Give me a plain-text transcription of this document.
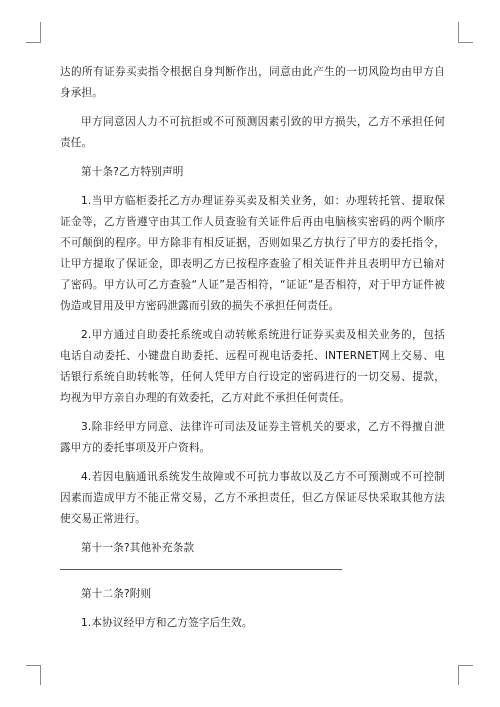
达的所有证券买卖指令根据自身判断作出，同意由此产生的一切风险均由甲方自身承担。

甲方同意因人力不可抗拒或不可预测因素引致的甲方损失，乙方不承担任何责任。

第十条?乙方特别声明

1.当甲方临柜委托乙方办理证券买卖及相关业务，如：办理转托管、提取保证金等，乙方皆遵守由其工作人员查验有关证件后再由电脑核实密码的两个顺序不可颠倒的程序。甲方除非有相反证据，否则如果乙方执行了甲方的委托指令，让甲方提取了保证金，即表明乙方已按程序查验了相关证件并且表明甲方已输对了密码。甲方认可乙方查验“人证”是否相符，“证证”是否相符，对于甲方证件被伪造或冒用及甲方密码泄露而引致的损失不承担任何责任。

2.甲方通过自助委托系统或自动转帐系统进行证券买卖及相关业务的，包括电话自动委托、小键盘自助委托、远程可视电话委托、INTERNET网上交易、电话银行系统自助转帐等，任何人凭甲方自行设定的密码进行的一切交易、提款，均视为甲方亲自办理的有效委托，乙方对此不承担任何责任。

3.除非经甲方同意、法律许可司法及证券主管机关的要求，乙方不得擅自泄露甲方的委托事项及开户资料。

4.若因电脑通讯系统发生故障或不可抗力事故以及乙方不可预测或不可控制因素而造成甲方不能正常交易，乙方不承担责任，但乙方保证尽快采取其他方法使交易正常进行。

第十一条?其他补充条款

第十二条?附则

1.本协议经甲方和乙方签字后生效。
